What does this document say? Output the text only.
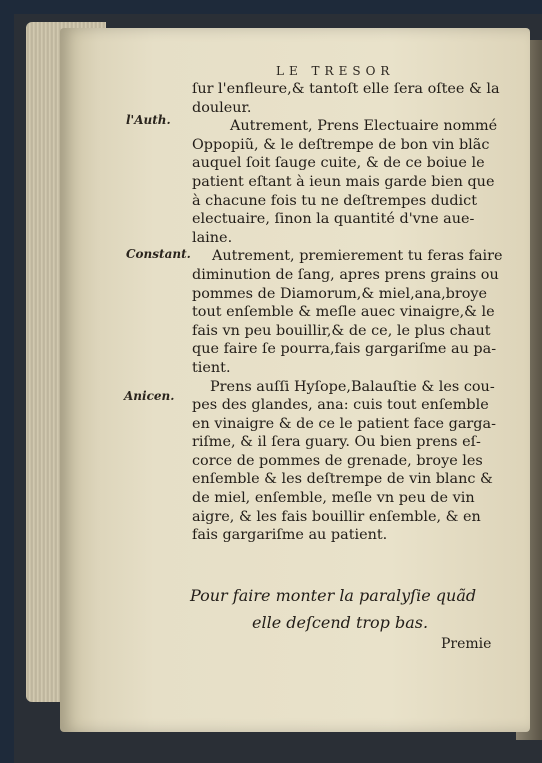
LE TRESOR
l'Auth.
Constant.
Anicen.
ſur l'enfleure,& tantoſt elle ſera oſtee & la
douleur.
Autrement, Prens Electuaire nommé
Oppopiũ, & le deſtrempe de bon vin blãc
auquel ſoit ſauge cuite, & de ce boiue le
patient eſtant à ieun mais garde bien que
à chacune fois tu ne deſtrempes dudict
electuaire, ſinon la quantité d'vne aue-
laine.
Autrement, premierement tu feras faire
diminution de ſang, apres prens grains ou
pommes de Diamorum,& miel,ana,broye
tout enſemble & meſle auec vinaigre,& le
fais vn peu bouillir,& de ce, le plus chaut
que faire ſe pourra,fais gargariſme au pa-
tient.
Prens auſſi Hyſope,Balauſtie & les cou-
pes des glandes, ana: cuis tout enſemble
en vinaigre & de ce le patient face garga-
riſme, & il ſera guary. Ou bien prens eſ-
corce de pommes de grenade, broye les
enſemble & les deſtrempe de vin blanc &
de miel, enſemble, meſle vn peu de vin
aigre, & les fais bouillir enſemble, & en
fais gargariſme au patient.
Pour faire monter la paralyſie quãd
elle deſcend trop bas.
Premie
